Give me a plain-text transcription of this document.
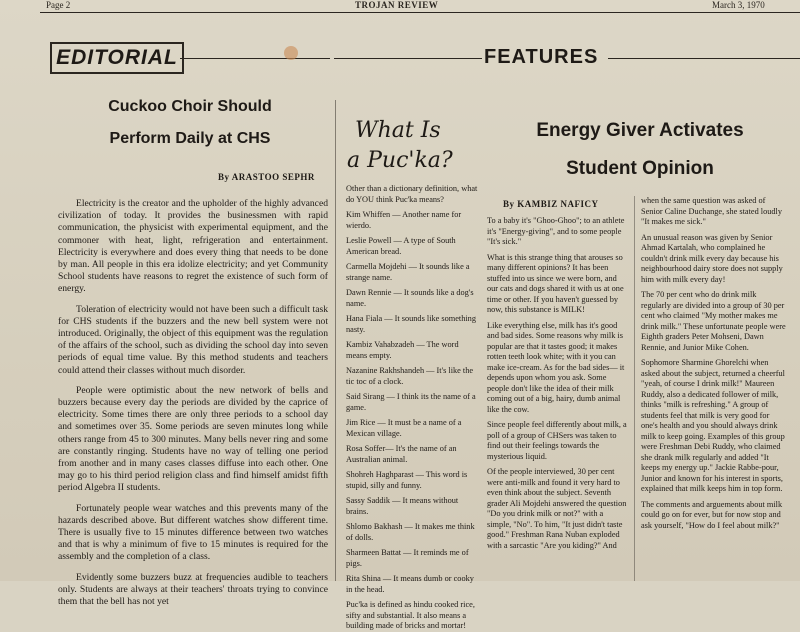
Page 2	TROJAN REVIEW	March 3, 1970
EDITORIAL	FEATURES
Cuckoo Choir Should
Perform Daily at CHS
By ARASTOO SEPHR

Electricity is the creator and the upholder of the highly advanced civilization of today. It provides the businessmen with rapid communication, the physicist with experimental equipment, and the commoner with heat, light, refrigeration and entertainment. Electricity is everywhere and does every thing that needs to be done by man. All people in this era idolize electricity; and yet Community School students have reasons to regret the existence of such form of energy.

Toleration of electricity would not have been such a difficult task for CHS students if the buzzers and the new bell system were not introduced. Originally, the object of this equipment was the regulation of the affairs of the school, such as dividing the school day into seven periods of equal time value. By this method students and teachers could attend their classes without much disorder.

People were optimistic about the new network of bells and buzzers because every day the periods are divided by the caprice of electricity. Some times there are only three periods to a school day and sometimes over 35. Some periods are seven minutes long while others range from 45 to 300 minutes. Many bells never ring and some are constantly ringing. Students have no way of telling one period from another and in many cases classes diffuse into each other. One may go to his third period religion class and find himself amidst fifth period Algebra II students.

Fortunately people wear watches and this prevents many of the hazards described above. But different watches show different time. There is usually five to 15 minutes difference between two watches and that is why a minimum of five to 15 minutes is required for the assembly and the completion of a class.

Evidently some buzzers buzz at frequencies audible to teachers only. Students are always at their teachers' throats trying to convince them that the bell has not yet

What Is
a Puc'ka?

Other than a dictionary definition, what do YOU think Puc'ka means?

Kim Whiffen — Another name for wierdo.

Leslie Powell — A type of South American bread.

Carmella Mojdehi — It sounds like a strange name.

Dawn Rennie — It sounds like a dog's name.

Hana Fiala — It sounds like something nasty.

Kambiz Vahabzadeh — The word means empty.

Nazanine Rakhshandeh — It's like the tic toc of a clock.

Said Sirang — I think its the name of a game.

Jim Rice — It must be a name of a Mexican village.

Rosa Soffer— It's the name of an Australian animal.

Shohreh Haghparast — This word is stupid, silly and funny.

Sassy Saddik — It means without brains.

Shlomo Bakhash — It makes me think of dolls.

Sharmeen Battat — It reminds me of pigs.

Rita Shina — It means dumb or cooky in the head.

Puc'ka is defined as hindu cooked rice, sifty and substantial. It also means a building made of bricks and mortar!

Energy Giver Activates
Student Opinion
By KAMBIZ NAFICY

To a baby it's "Ghoo-Ghoo"; to an athlete it's "Energy-giving", and to some people "It's sick."

What is this strange thing that arouses so many different opinions? It has been stuffed into us since we were born, and our cats and dogs shared it with us at one time or other. If you haven't guessed by now, this substance is MILK!

Like everything else, milk has it's good and bad sides. Some reasons why milk is popular are that it tastes good; it makes rotten teeth look white; with it you can make ice-cream. As for the bad sides— it depends upon whom you ask. Some people don't like the idea of their milk coming out of a big, hairy, dumb animal like the cow.

Since people feel differently about milk, a poll of a group of CHSers was taken to find out their feelings towards the mysterious liquid.

Of the people interviewed, 30 per cent were anti-milk and found it very hard to even think about the subject. Seventh grader Ali Mojdehi answered the question "Do you drink milk or not?" with a simple, "No". To him, "It just didn't taste good." Freshman Rana Nuban exploded with a sarcastic "Are you kiding?" And

when the same question was asked of Senior Caline Duchange, she stated loudly "It makes me sick."

An unusual reason was given by Senior Ahmad Kartalah, who complained he couldn't drink milk every day because his neighbourhood dairy store does not supply him with milk every day!

The 70 per cent who do drink milk regularly are divided into a group of 30 per cent who claimed "My mother makes me drink milk." These unfortunate people were Eighth graders Peter Mohseni, Dawn Rennie, and Junior Mike Cohen.

Sophomore Sharmine Ghorelchi when asked about the subject, returned a cheerful "yeah, of course I drink milk!" Maureen Ruddy, also a dedicated follower of milk, thinks "milk is refreshing." A group of students feel that milk is very good for one's health and you should always drink milk to keep going. Examples of this group were Freshman Debi Ruddy, who claimed she drank milk regularly and added "It keeps my energy up." Jackie Rabbe-pour, Junior and known for his interest in sports, explained that milk keeps him in top form.

The comments and arguements about milk could go on for ever, but for now stop and ask yourself, "How do I feel about milk?"
